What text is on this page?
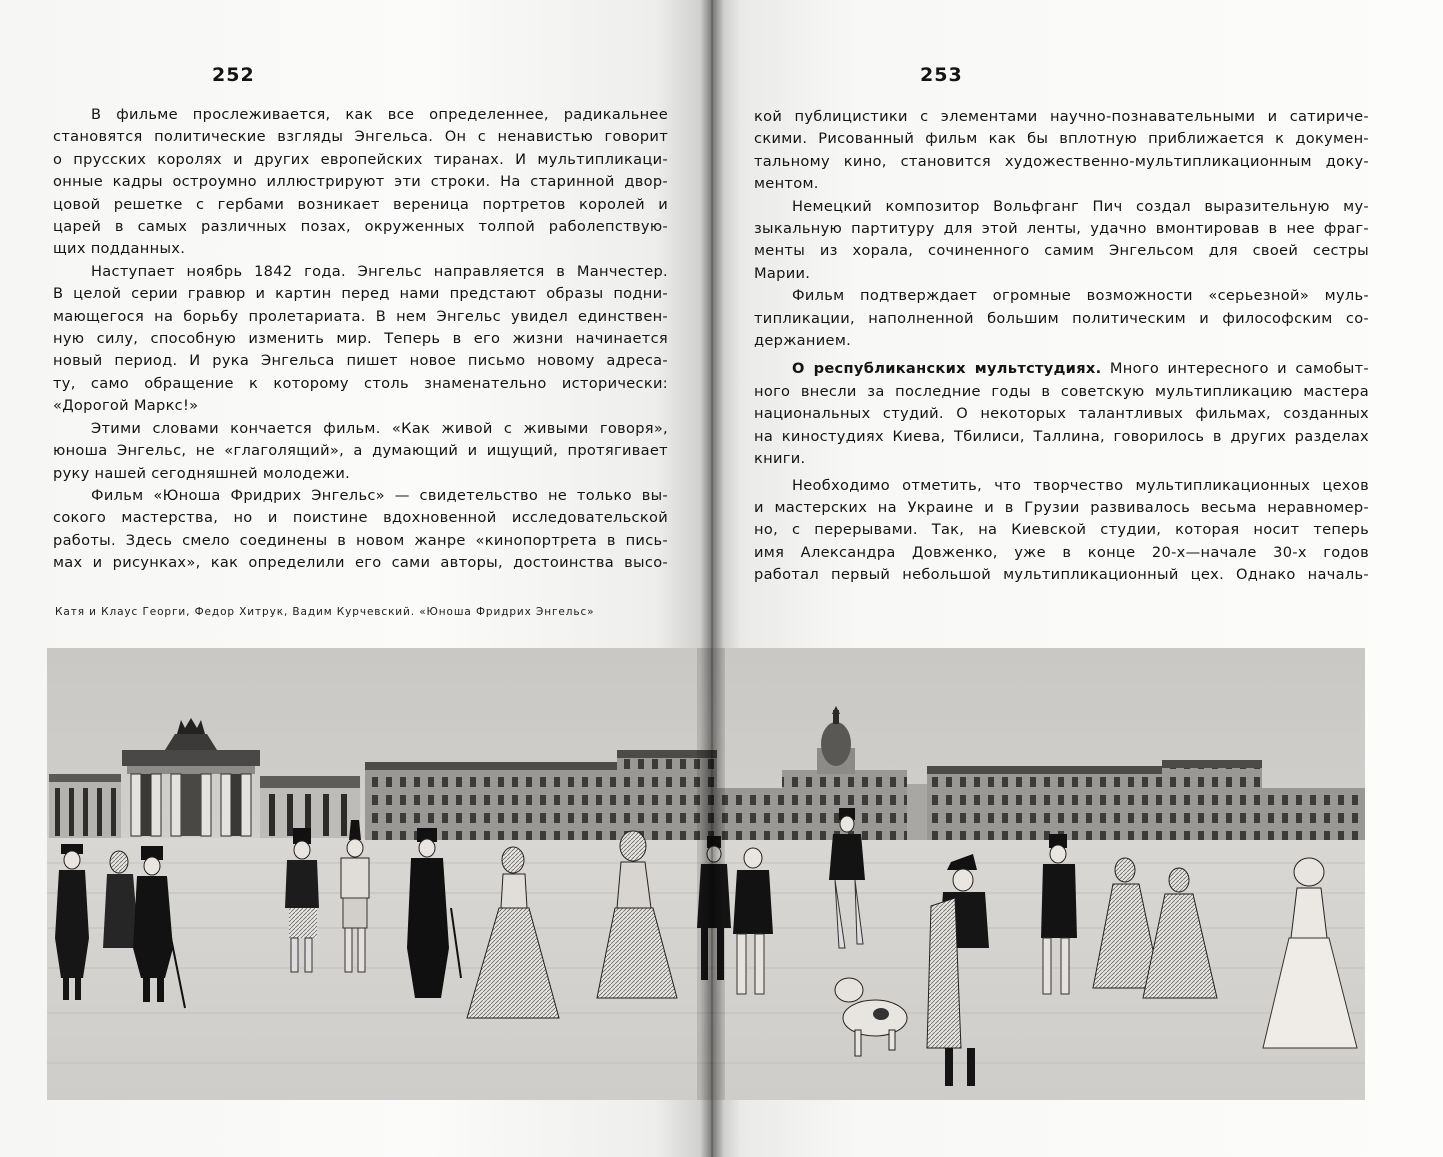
252

В фильме прослеживается, как все определеннее, радикальнее

становятся политические взгляды Энгельса. Он с ненавистью говорит
о прусских королях и других европейских тиранах. И мультипликаци-
онные кадры остроумно иллюстрируют эти строки. На старинной двор-
цовой решетке с гербами возникает вереница портретов королей и
царей в самых различных позах, окруженных толпой раболепствую-
щих подданных.

Наступает ноябрь 1842 года. Энгельс направляется в Манчестер.

В целой серии гравюр и картин перед нами предстают образы подни-
мающегося на борьбу пролетариата. В нем Энгельс увидел единствен-
ную силу, способную изменить мир. Теперь в его жизни начинается
новый период. И рука Энгельса пишет новое письмо новому адреса-
ту, само обращение к которому столь знаменательно исторически:
«Дорогой Маркс!»

Этими словами кончается фильм. «Как живой с живыми говоря»,

юноша Энгельс, не «глаголящий», а думающий и ищущий, протягивает
руку нашей сегодняшней молодежи.

Фильм «Юноша Фридрих Энгельс» — свидетельство не только вы-

сокого мастерства, но и поистине вдохновенной исследовательской
работы. Здесь смело соединены в новом жанре «кинопортрета в пись-
мах и рисунках», как определили его сами авторы, достоинства высо-
Катя и Клаус Георги, Федор Хитрук, Вадим Курчевский. «Юноша Фридрих Энгельс»
253
кой публицистики с элементами научно-познавательными и сатириче-
скими. Рисованный фильм как бы вплотную приближается к докумен-
тальному кино, становится художественно-мультипликационным доку-
ментом.

Немецкий композитор Вольфганг Пич создал выразительную му-

зыкальную партитуру для этой ленты, удачно вмонтировав в нее фраг-
менты из хорала, сочиненного самим Энгельсом для своей сестры
Марии.

Фильм подтверждает огромные возможности «серьезной» муль-

типликации, наполненной большим политическим и философским со-
держанием.

О республиканских мультстудиях. Много интересного и самобыт-

ного внесли за последние годы в советскую мультипликацию мастера
национальных студий. О некоторых талантливых фильмах, созданных
на киностудиях Киева, Тбилиси, Таллина, говорилось в других разделах
книги.

Необходимо отметить, что творчество мультипликационных цехов

и мастерских на Украине и в Грузии развивалось весьма неравномер-
но, с перерывами. Так, на Киевской студии, которая носит теперь
имя Александра Довженко, уже в конце 20-х—начале 30-х годов
работал первый небольшой мультипликационный цех. Однако началь-
